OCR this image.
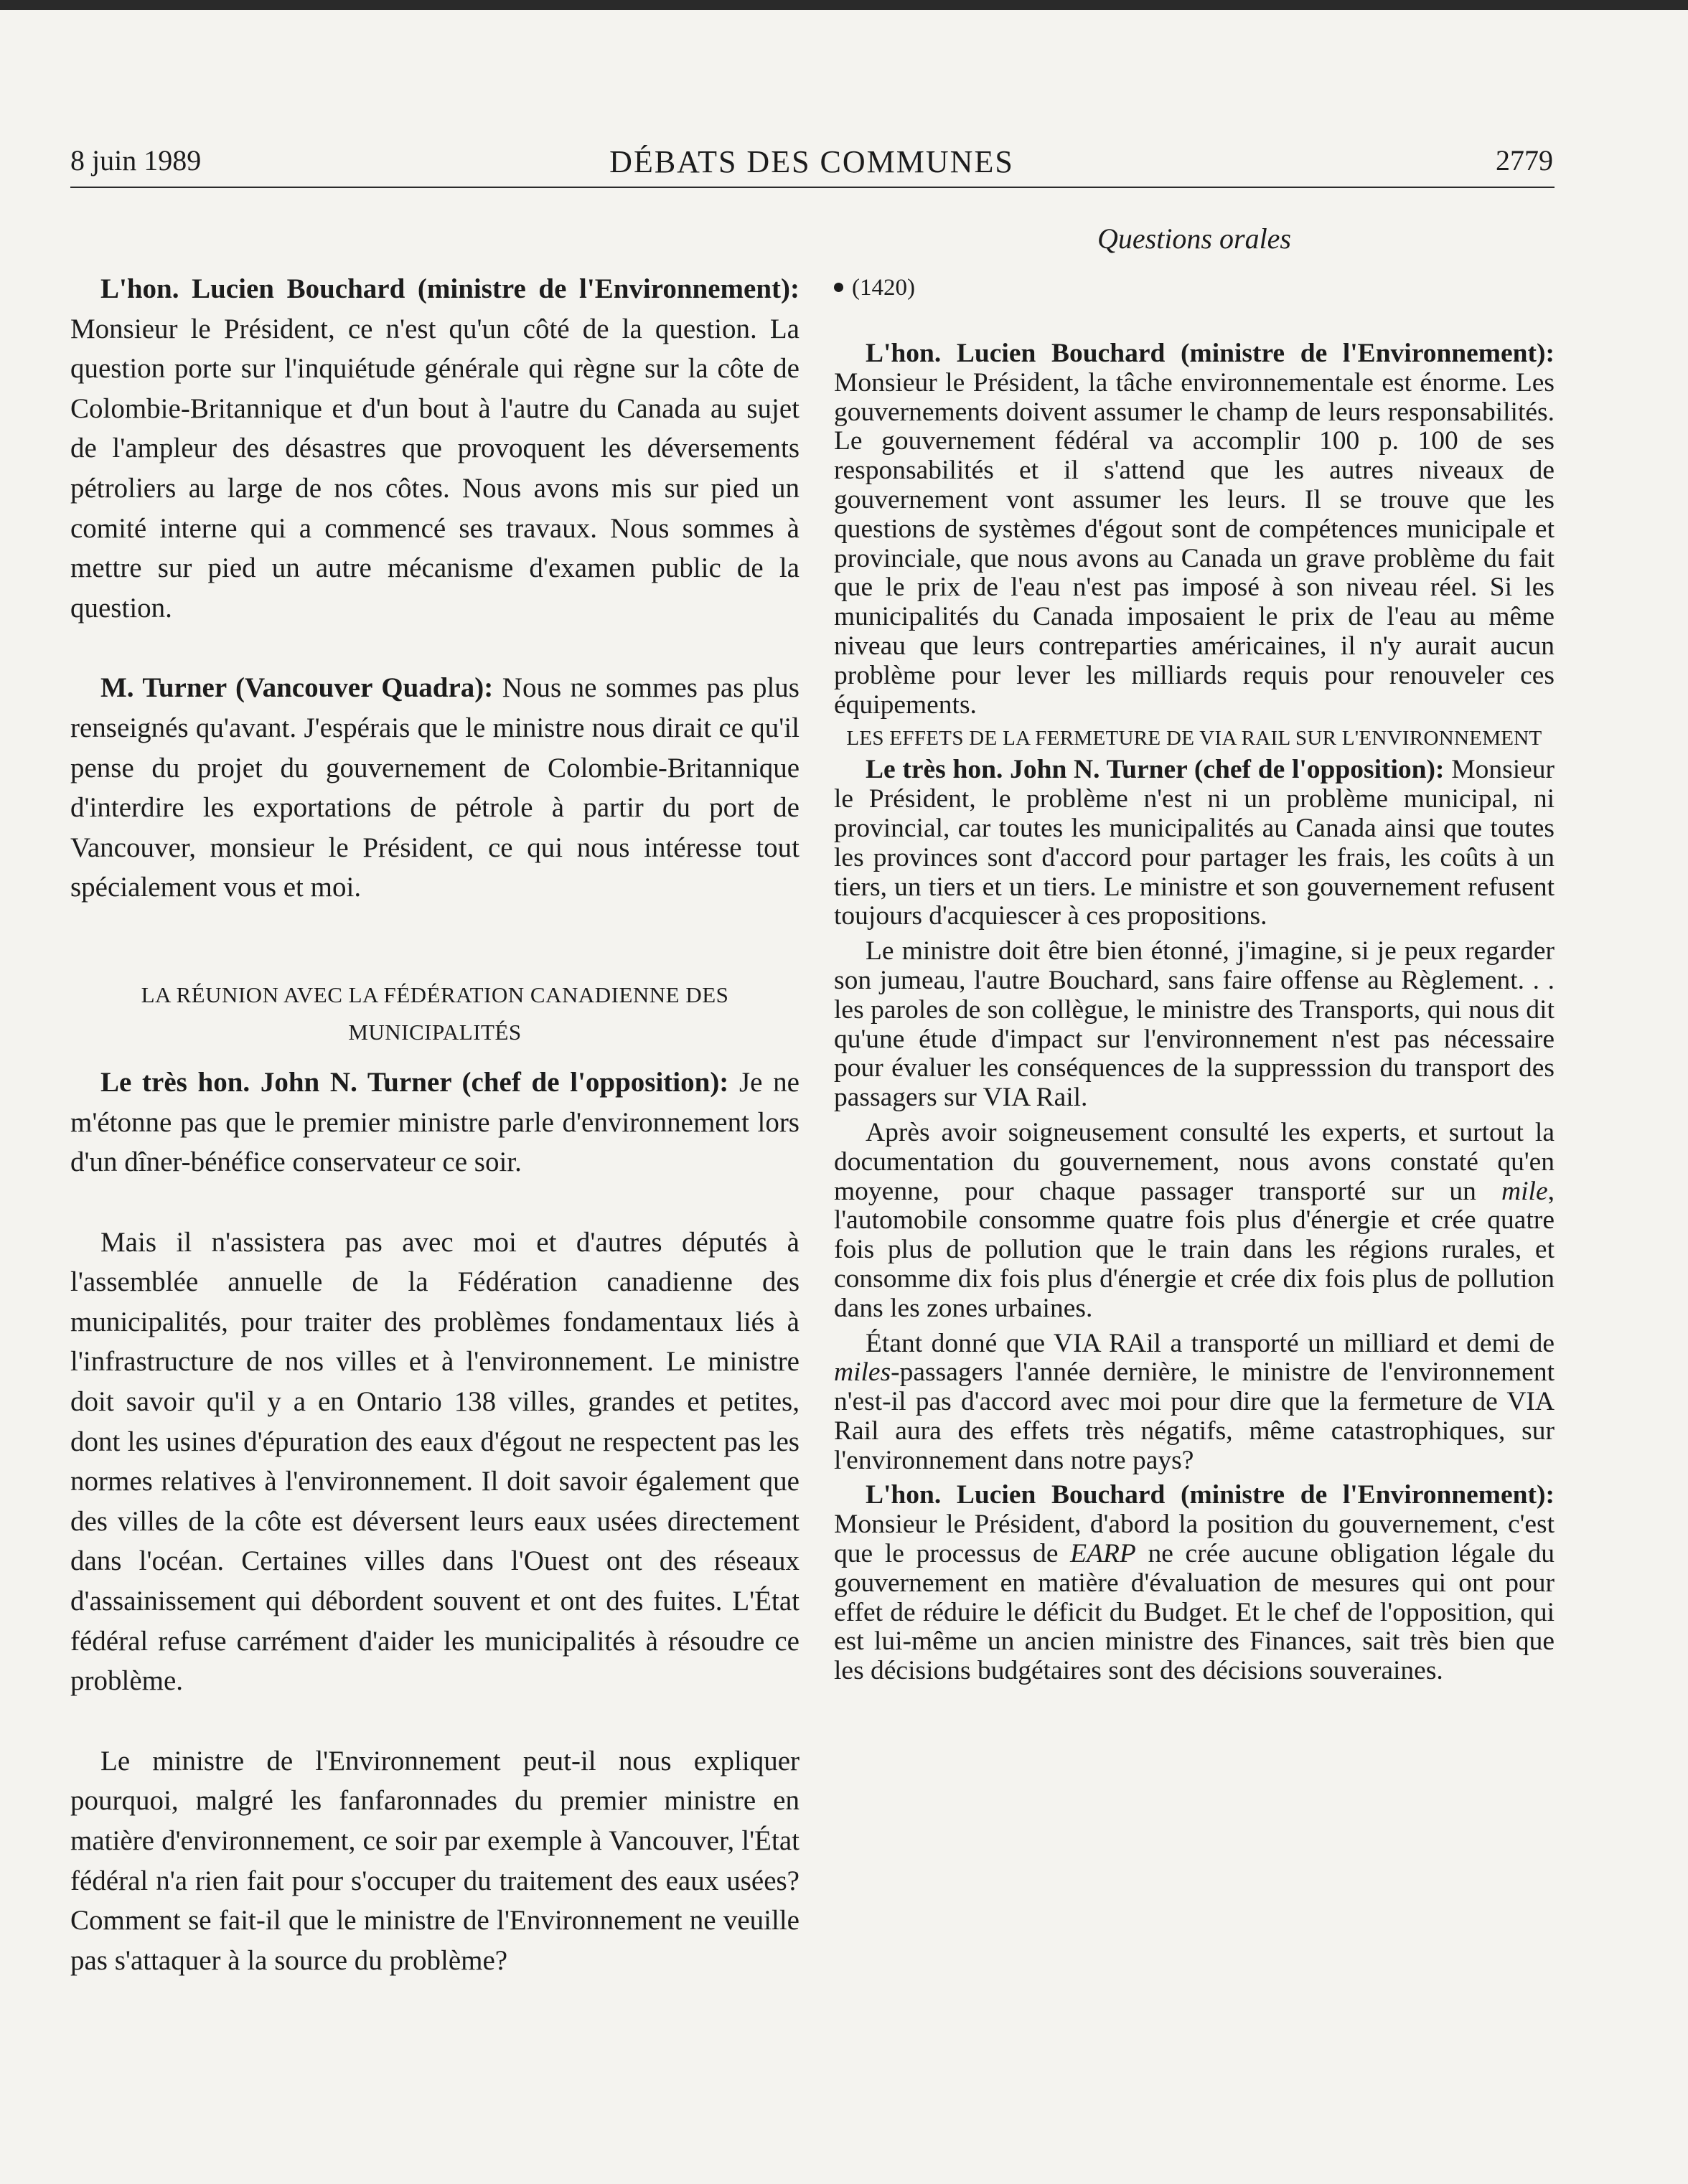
8 juin 1989	DÉBATS DES COMMUNES	2779

L'hon. Lucien Bouchard (ministre de l'Environnement): Monsieur le Président, ce n'est qu'un côté de la question. La question porte sur l'inquiétude générale qui règne sur la côte de Colombie-Britannique et d'un bout à l'autre du Canada au sujet de l'ampleur des désastres que provoquent les déversements pétroliers au large de nos côtes. Nous avons mis sur pied un comité interne qui a commencé ses travaux. Nous sommes à mettre sur pied un autre mécanisme d'examen public de la question.

M. Turner (Vancouver Quadra): Nous ne sommes pas plus renseignés qu'avant. J'espérais que le ministre nous dirait ce qu'il pense du projet du gouvernement de Colombie-Britannique d'interdire les exportations de pétrole à partir du port de Vancouver, monsieur le Président, ce qui nous intéresse tout spécialement vous et moi.

LA RÉUNION AVEC LA FÉDÉRATION CANADIENNE DES MUNICIPALITÉS

Le très hon. John N. Turner (chef de l'opposition): Je ne m'étonne pas que le premier ministre parle d'environnement lors d'un dîner-bénéfice conservateur ce soir.

Mais il n'assistera pas avec moi et d'autres députés à l'assemblée annuelle de la Fédération canadienne des municipalités, pour traiter des problèmes fondamentaux liés à l'infrastructure de nos villes et à l'environnement. Le ministre doit savoir qu'il y a en Ontario 138 villes, grandes et petites, dont les usines d'épuration des eaux d'égout ne respectent pas les normes relatives à l'environnement. Il doit savoir également que des villes de la côte est déversent leurs eaux usées directement dans l'océan. Certaines villes dans l'Ouest ont des réseaux d'assainissement qui débordent souvent et ont des fuites. L'État fédéral refuse carrément d'aider les municipalités à résoudre ce problème.

Le ministre de l'Environnement peut-il nous expliquer pourquoi, malgré les fanfaronnades du premier ministre en matière d'environnement, ce soir par exemple à Vancouver, l'État fédéral n'a rien fait pour s'occuper du traitement des eaux usées? Comment se fait-il que le ministre de l'Environnement ne veuille pas s'attaquer à la source du problème?

Questions orales

(1420)

L'hon. Lucien Bouchard (ministre de l'Environnement): Monsieur le Président, la tâche environnementale est énorme. Les gouvernements doivent assumer le champ de leurs responsabilités. Le gouvernement fédéral va accomplir 100 p. 100 de ses responsabilités et il s'attend que les autres niveaux de gouvernement vont assumer les leurs. Il se trouve que les questions de systèmes d'égout sont de compétences municipale et provinciale, que nous avons au Canada un grave problème du fait que le prix de l'eau n'est pas imposé à son niveau réel. Si les municipalités du Canada imposaient le prix de l'eau au même niveau que leurs contreparties américaines, il n'y aurait aucun problème pour lever les milliards requis pour renouveler ces équipements.

LES EFFETS DE LA FERMETURE DE VIA RAIL SUR L'ENVIRONNEMENT

Le très hon. John N. Turner (chef de l'opposition): Monsieur le Président, le problème n'est ni un problème municipal, ni provincial, car toutes les municipalités au Canada ainsi que toutes les provinces sont d'accord pour partager les frais, les coûts à un tiers, un tiers et un tiers. Le ministre et son gouvernement refusent toujours d'acquiescer à ces propositions.

Le ministre doit être bien étonné, j'imagine, si je peux regarder son jumeau, l'autre Bouchard, sans faire offense au Règlement. . . les paroles de son collègue, le ministre des Transports, qui nous dit qu'une étude d'impact sur l'environnement n'est pas nécessaire pour évaluer les conséquences de la suppresssion du transport des passagers sur VIA Rail.

Après avoir soigneusement consulté les experts, et surtout la documentation du gouvernement, nous avons constaté qu'en moyenne, pour chaque passager transporté sur un mile, l'automobile consomme quatre fois plus d'énergie et crée quatre fois plus de pollution que le train dans les régions rurales, et consomme dix fois plus d'énergie et crée dix fois plus de pollution dans les zones urbaines.

Étant donné que VIA RAil a transporté un milliard et demi de miles-passagers l'année dernière, le ministre de l'environnement n'est-il pas d'accord avec moi pour dire que la fermeture de VIA Rail aura des effets très négatifs, même catastrophiques, sur l'environnement dans notre pays?

L'hon. Lucien Bouchard (ministre de l'Environnement): Monsieur le Président, d'abord la position du gouvernement, c'est que le processus de EARP ne crée aucune obligation légale du gouvernement en matière d'évaluation de mesures qui ont pour effet de réduire le déficit du Budget. Et le chef de l'opposition, qui est lui-même un ancien ministre des Finances, sait très bien que les décisions budgétaires sont des décisions souveraines.
